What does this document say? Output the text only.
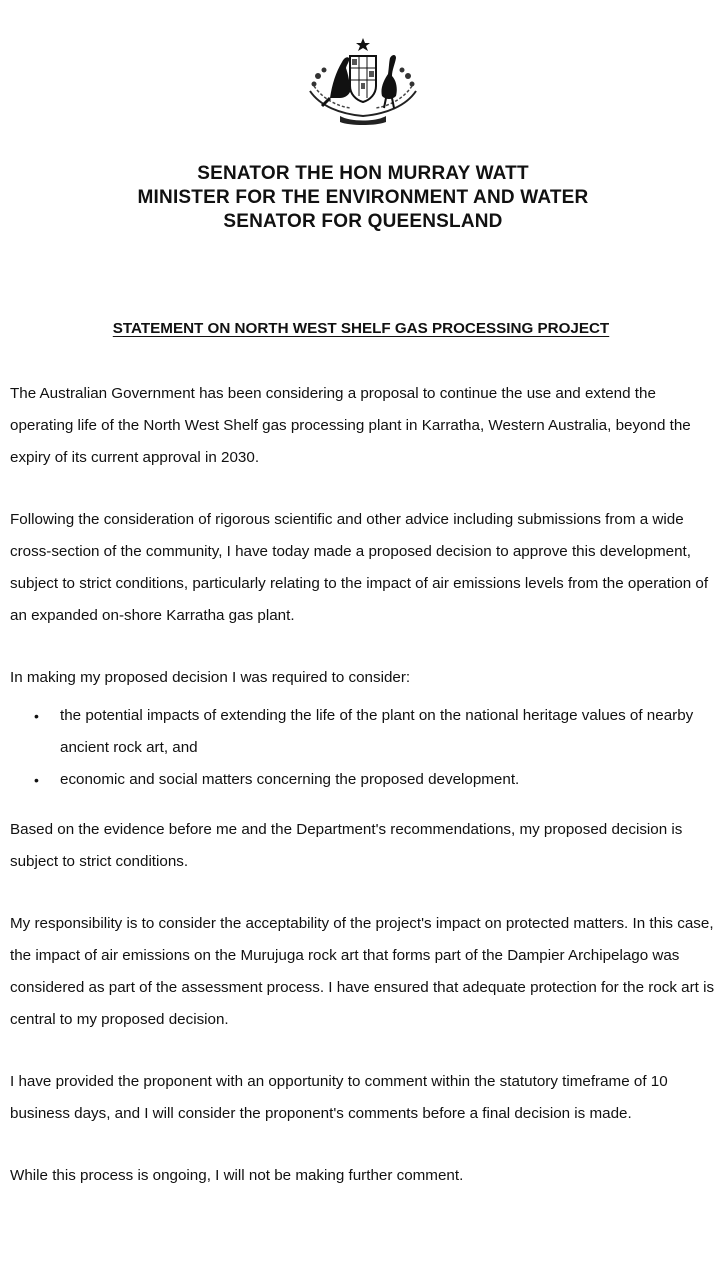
SENATOR THE HON MURRAY WATT
MINISTER FOR THE ENVIRONMENT AND WATER
SENATOR FOR QUEENSLAND
STATEMENT ON NORTH WEST SHELF GAS PROCESSING PROJECT

The Australian Government has been considering a proposal to continue the use and extend the operating life of the North West Shelf gas processing plant in Karratha, Western Australia, beyond the expiry of its current approval in 2030.

Following the consideration of rigorous scientific and other advice including submissions from a wide cross-section of the community, I have today made a proposed decision to approve this development, subject to strict conditions, particularly relating to the impact of air emissions levels from the operation of an expanded on-shore Karratha gas plant.

In making my proposed decision I was required to consider:

• the potential impacts of extending the life of the plant on the national heritage values of nearby ancient rock art, and
• economic and social matters concerning the proposed development.

Based on the evidence before me and the Department's recommendations, my proposed decision is subject to strict conditions.

My responsibility is to consider the acceptability of the project's impact on protected matters. In this case, the impact of air emissions on the Murujuga rock art that forms part of the Dampier Archipelago was considered as part of the assessment process. I have ensured that adequate protection for the rock art is central to my proposed decision.

I have provided the proponent with an opportunity to comment within the statutory timeframe of 10 business days, and I will consider the proponent's comments before a final decision is made.

While this process is ongoing, I will not be making further comment.
